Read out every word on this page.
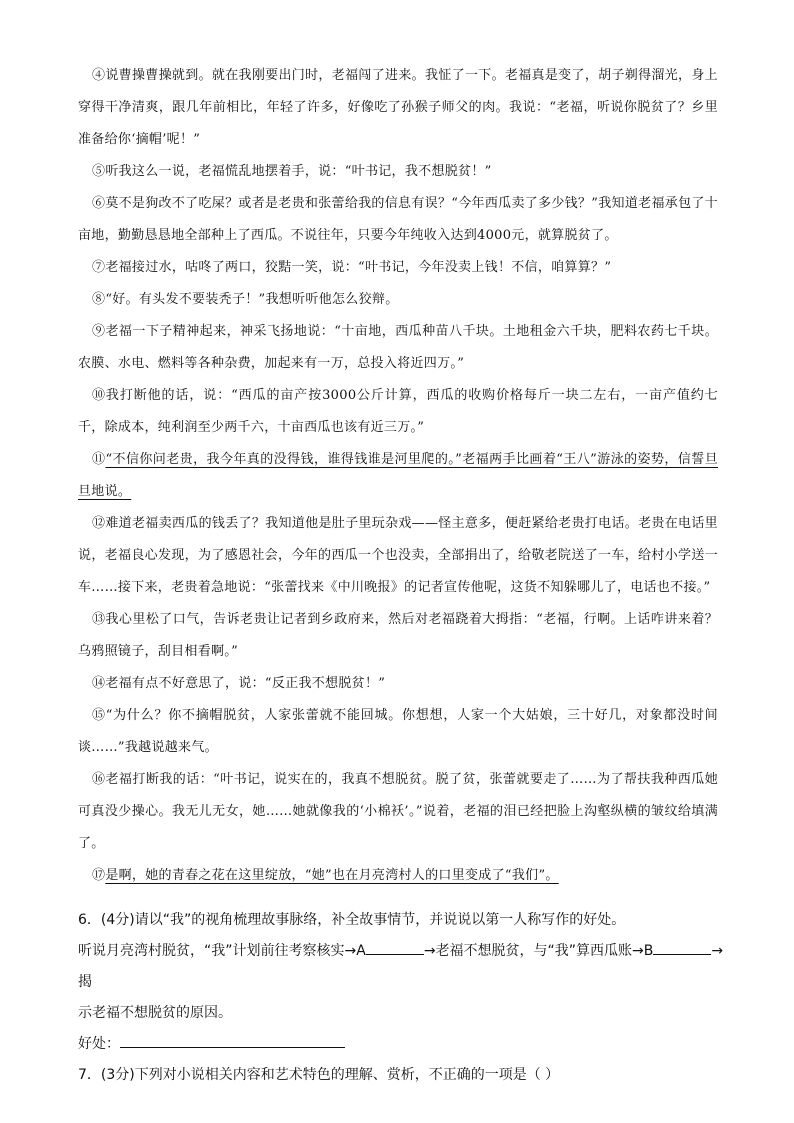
④说曹操曹操就到。就在我刚要出门时，老福闯了进来。我怔了一下。老福真是变了，胡子剃得溜光，身上穿得干净清爽，跟几年前相比，年轻了许多，好像吃了孙猴子师父的肉。我说：“老福，听说你脱贫了？乡里准备给你‘摘帽’呢！”

⑤听我这么一说，老福慌乱地摆着手，说：“叶书记，我不想脱贫！”

⑥莫不是狗改不了吃屎？或者是老贵和张蕾给我的信息有误？“今年西瓜卖了多少钱？”我知道老福承包了十亩地，勤勤恳恳地全部种上了西瓜。不说往年，只要今年纯收入达到4000元，就算脱贫了。

⑦老福接过水，咕咚了两口，狡黠一笑，说：“叶书记，今年没卖上钱！不信，咱算算？”

⑧“好。有头发不要装秃子！”我想听听他怎么狡辩。

⑨老福一下子精神起来，神采飞扬地说：“十亩地，西瓜种苗八千块。土地租金六千块，肥料农药七千块。农膜、水电、燃料等各种杂费，加起来有一万，总投入将近四万。”

⑩我打断他的话，说：“西瓜的亩产按3000公斤计算，西瓜的收购价格每斤一块二左右，一亩产值约七千，除成本，纯利润至少两千六，十亩西瓜也该有近三万。”

⑪“不信你问老贵，我今年真的没得钱，谁得钱谁是河里爬的。”老福两手比画着“王八”游泳的姿势，信誓旦旦地说。

⑫难道老福卖西瓜的钱丢了？我知道他是肚子里玩杂戏——怪主意多，便赶紧给老贵打电话。老贵在电话里说，老福良心发现，为了感恩社会，今年的西瓜一个也没卖，全部捐出了，给敬老院送了一车，给村小学送一车……接下来，老贵着急地说：“张蕾找来《中川晚报》的记者宣传他呢，这货不知躲哪儿了，电话也不接。”

⑬我心里松了口气，告诉老贵让记者到乡政府来，然后对老福跷着大拇指：“老福，行啊。上话咋讲来着？乌鸦照镜子，刮目相看啊。”

⑭老福有点不好意思了，说：“反正我不想脱贫！”

⑮“为什么？你不摘帽脱贫，人家张蕾就不能回城。你想想，人家一个大姑娘，三十好几，对象都没时间谈……”我越说越来气。

⑯老福打断我的话：“叶书记，说实在的，我真不想脱贫。脱了贫，张蕾就要走了……为了帮扶我种西瓜她可真没少操心。我无儿无女，她……她就像我的‘小棉袄’。”说着，老福的泪已经把脸上沟壑纵横的皱纹给填满了。

⑰是啊，她的青春之花在这里绽放，“她”也在月亮湾村人的口里变成了“我们”。

6．(4分)请以“我”的视角梳理故事脉络，补全故事情节，并说说以第一人称写作的好处。

听说月亮湾村脱贫，“我”计划前往考察核实→A	→老福不想脱贫，与“我”算西瓜账→B	→揭

示老福不想脱贫的原因。

好处：

7．(3分)下列对小说相关内容和艺术特色的理解、赏析，不正确的一项是（ ）
